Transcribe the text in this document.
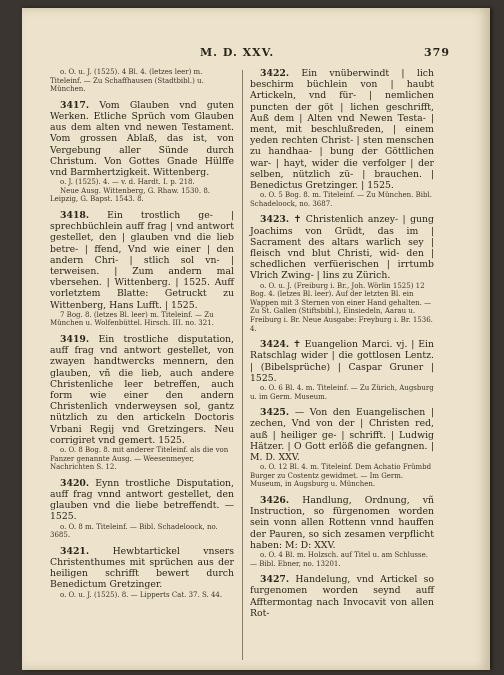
M. D. XXV.	379
o. O. u. J. (1525). 4 Bl. 4. (letzes leer) m. Titeleinf. — Zu Schaffhausen (Stadtbibl.) u. München.
3417. Vom Glauben vnd guten Werken. Etliche Sprüch vom Glauben aus dem alten vnd newen Testament. Vom grossen Ablaß, das ist, von Vergebung aller Sünde durch Christum. Von Gottes Gnade Hülffe vnd Barmhertzigkeit. Wittenberg.
o. J. (1525). 4. — v. d. Hardt. I. p. 218.
Neue Ausg. Wittenberg, G. Rhaw. 1530. 8. Leipzig, G. Bapst. 1543. 8.
3418. Ein trostlich ge- | sprechbüchlein auff frag | vnd antwort gestellet, den | glauben vnd die lieb betre- | ffend, Vnd wie einer | den andern Chri- | stlich sol vn- | terweisen. | Zum andern mal vbersehen. | Wittenberg. | 1525. Auff vorletztem Blatte: Getruckt zu Wittenberg, Hans Lufft. | 1525.
7 Bog. 8. (letzes Bl. leer) m. Titeleinf. — Zu München u. Wolfenbüttel. Hirsch. III. no. 321.
3419. Ein trostliche disputation, auff frag vnd antwort gestellet, von zwayen handtwercks mennern, den glauben, vñ die lieb, auch andere Christenliche leer betreffen, auch form wie einer den andern Christenlich vnderweysen sol, gantz nützlich zu den artickeln Doctoris Vrbani Regij vnd Gretzingers. Neu corrigiret vnd gemert. 1525.
o. O. 8 Bog. 8. mit anderer Titeleinf. als die von Panzer genannte Ausg. — Weesenmeyer, Nachrichten S. 12.
3420. Eynn trostliche Disputation, auff frag vnnd antwort gestellet, den glauben vnd die liebe betreffendt. — 1525.
o. O. 8 m. Titeleinf. — Bibl. Schadeloock, no. 3685.
3421.	Hewbtartickel vnsers Christenthumes mit sprüchen aus der heiligen schrifft bewert durch Benedictum Gretzinger.
o. O. u. J. (1525). 8. — Lipperts Cat. 37. S. 44.
3422. Ein vnüberwindt | lich beschirm büchlein von | haubt Artickeln, vnd für- | nemlichen puncten der göt | lichen geschrifft, Auß dem | Alten vnd Newen Testa- | ment, mit beschlußreden, | einem yeden rechten Christ- | sten menschen zu handhaa- | bung der Göttlichen war- | hayt, wider die verfolger | der selben, nützlich zü- | brauchen. | Benedictus Gretzinger. | 1525.
o. O. 5 Bog. 8. m. Titeleinf. — Zu München. Bibl. Schadeloock, no. 3687.
3423. ✝ Christenlich anzey- | gung Joachims von Grüdt, das im | Sacrament des altars warlich sey | fleisch vnd blut Christi, wid- den | schedlichen verfüerischen | irrtumb Vlrich Zwing- | lins zu Zürich.
o. O. u. J. (Freiburg i. Br., Joh. Wörlin 1525) 12 Bog. 4. (letzes Bl. leer). Auf der letzten Bl. ein Wappen mit 3 Sternen von einer Hand gehalten. — Zu St. Gallen (Stiftsbibl.), Einsiedeln, Aarau u. Freiburg i. Br. Neue Ausgabe: Freyburg i. Br. 1536. 4.
3424. ✝ Euangelion Marci. vj. | Ein Ratschlag wider | die gottlosen Lentz. | (Bibelsprüche) | Caspar Gruner | 1525.
o. O. 6 Bl. 4. m. Titeleinf. — Zu Zürich, Augsburg u. im Germ. Museum.
3425. — Von den Euangelischen | zechen, Vnd von der | Christen red, auß | heiliger ge- | schrifft. | Ludwig Hätzer. | O Gott erlöß die gefangnen. | M. D. XXV.
o. O. 12 Bl. 4. m. Titeleinf. Dem Achatio Frümbd Burger zu Costentz gewidmet. — Im Germ. Museum, in Augsburg u. München.
3426. Handlung, Ordnung, vñ Instruction, so fürgenomen worden sein vonn allen Rottenn vnnd hauffen der Pauren, so sich zesamen verpflicht haben: M: D: XXV.
o. O. 4 Bl. m. Holzsch. auf Titel u. am Schlusse. — Bibl. Ebner, no. 13201.
3427. Handelung, vnd Artickel so furgenomen worden seynd auff Afftermontag nach Invocavit von allen Rot-
